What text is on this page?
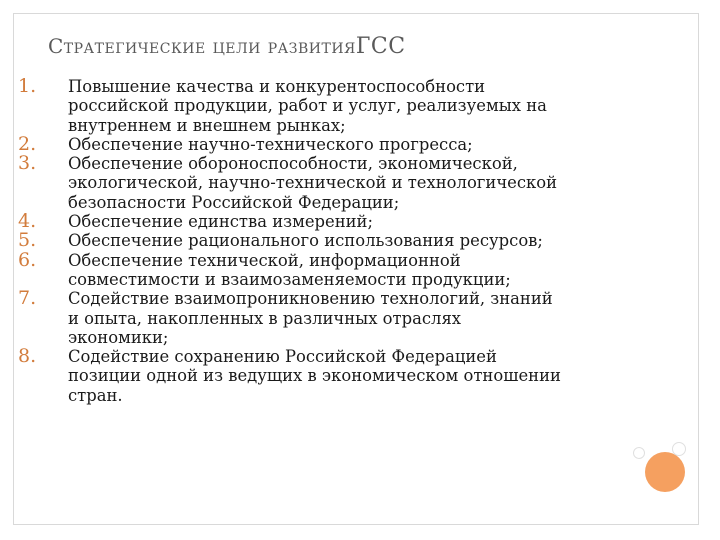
Стратегические цели развитияГСС
1.	Повышение качества и конкурентоспособности
российской продукции, работ и услуг, реализуемых на
внутреннем и внешнем рынках;
2.	Обеспечение научно-технического прогресса;
3.	Обеспечение обороноспособности, экономической,
экологической, научно-технической и технологической
безопасности Российской Федерации;
4.	Обеспечение единства измерений;
5.	Обеспечение рационального использования ресурсов;
6.	Обеспечение технической, информационной
совместимости и взаимозаменяемости продукции;
7.	Содействие взаимопроникновению технологий, знаний
и опыта, накопленных в различных отраслях
экономики;
8.	Содействие сохранению Российской Федерацией
позиции одной из ведущих в экономическом отношении
стран.
